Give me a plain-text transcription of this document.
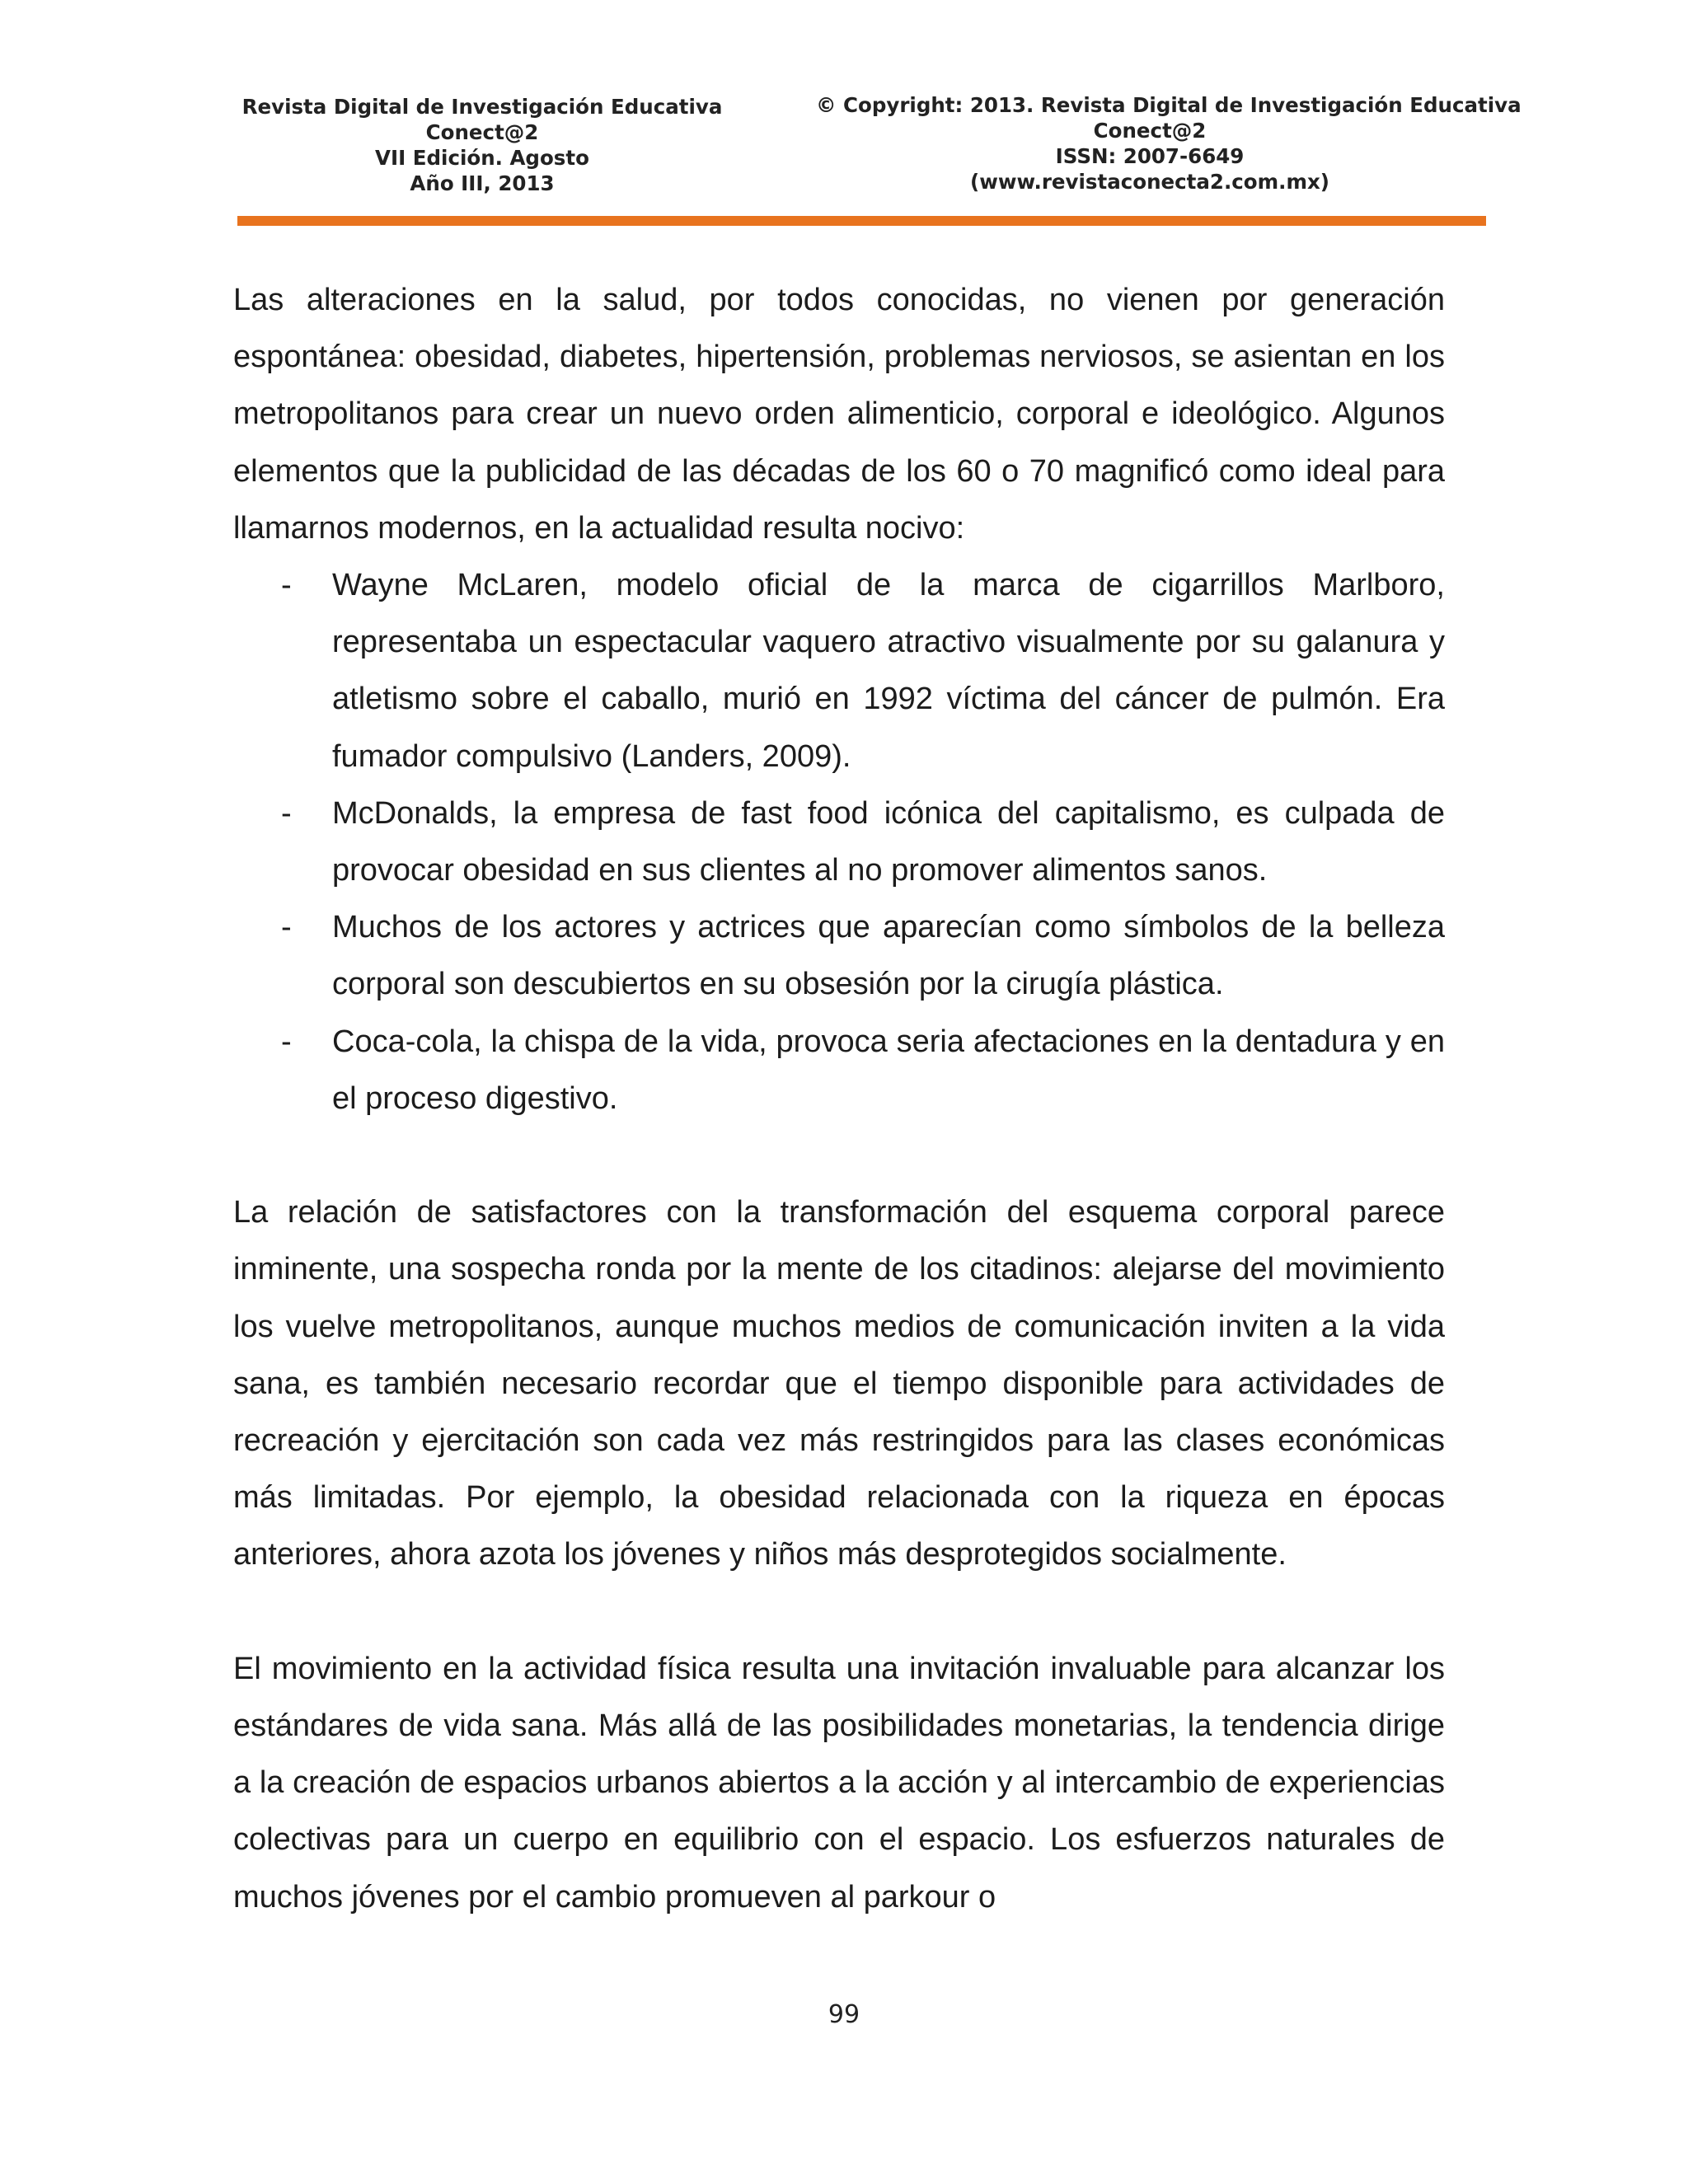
Revista Digital de Investigación Educativa
Conect@2
VII Edición. Agosto
Año III, 2013
© Copyright: 2013. Revista Digital de Investigación Educativa
Conect@2
ISSN: 2007-6649
(www.revistaconecta2.com.mx)

Las alteraciones en la salud, por todos conocidas, no vienen por generación espontánea: obesidad, diabetes, hipertensión, problemas nerviosos, se asientan en los metropolitanos para crear un nuevo orden alimenticio, corporal e ideológico. Algunos elementos que la publicidad de las décadas de los 60 o 70 magnificó como ideal para llamarnos modernos, en la actualidad resulta nocivo:

- Wayne McLaren, modelo oficial de la marca de cigarrillos Marlboro, representaba un espectacular vaquero atractivo visualmente por su galanura y atletismo sobre el caballo, murió en 1992 víctima del cáncer de pulmón. Era fumador compulsivo (Landers, 2009).
- McDonalds, la empresa de fast food icónica del capitalismo, es culpada de provocar obesidad en sus clientes al no promover alimentos sanos.
- Muchos de los actores y actrices que aparecían como símbolos de la belleza corporal son descubiertos en su obsesión por la cirugía plástica.
- Coca-cola, la chispa de la vida, provoca seria afectaciones en la dentadura y en el proceso digestivo.

La relación de satisfactores con la transformación del esquema corporal parece inminente, una sospecha ronda por la mente de los citadinos: alejarse del movimiento los vuelve metropolitanos, aunque muchos medios de comunicación inviten a la vida sana, es también necesario recordar que el tiempo disponible para actividades de recreación y ejercitación son cada vez más restringidos para las clases económicas más limitadas. Por ejemplo, la obesidad relacionada con la riqueza en épocas anteriores, ahora azota los jóvenes y niños más desprotegidos socialmente.

El movimiento en la actividad física resulta una invitación invaluable para alcanzar los estándares de vida sana. Más allá de las posibilidades monetarias, la tendencia dirige a la creación de espacios urbanos abiertos a la acción y al intercambio de experiencias colectivas para un cuerpo en equilibrio con el espacio. Los esfuerzos naturales de muchos jóvenes por el cambio promueven al parkour o

99
